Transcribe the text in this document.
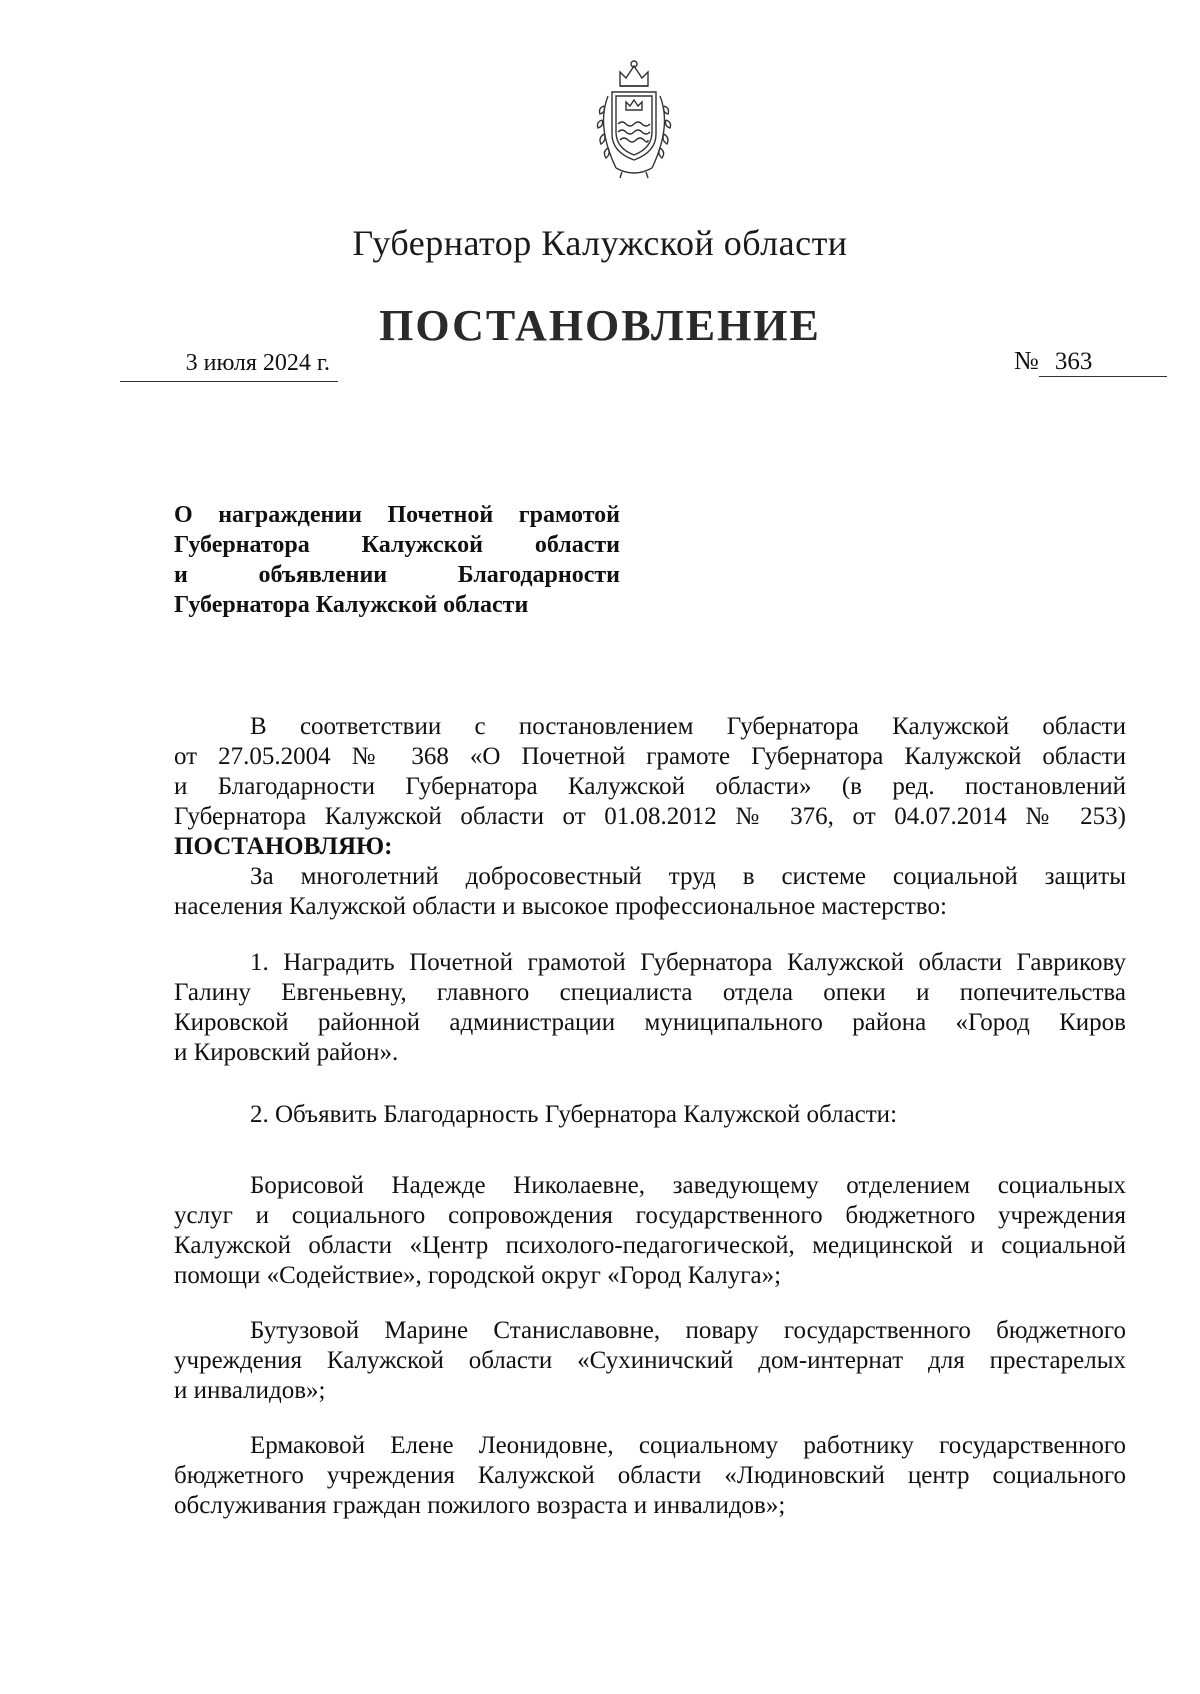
Губернатор Калужской области
ПОСТАНОВЛЕНИЕ
3 июля 2024 г.	№ 363
О награждении Почетной грамотой
Губернатора Калужской области
и объявлении Благодарности
Губернатора Калужской области
В соответствии с постановлением Губернатора Калужской области
от 27.05.2004 № 368 «О Почетной грамоте Губернатора Калужской области
и Благодарности Губернатора Калужской области» (в ред. постановлений
Губернатора Калужской области от 01.08.2012 № 376, от 04.07.2014 № 253)
ПОСТАНОВЛЯЮ:
За многолетний добросовестный труд в системе социальной защиты
населения Калужской области и высокое профессиональное мастерство:
1. Наградить Почетной грамотой Губернатора Калужской области Гаврикову
Галину Евгеньевну, главного специалиста отдела опеки и попечительства
Кировской районной администрации муниципального района «Город Киров
и Кировский район».
2. Объявить Благодарность Губернатора Калужской области:
Борисовой Надежде Николаевне, заведующему отделением социальных
услуг и социального сопровождения государственного бюджетного учреждения
Калужской области «Центр психолого-педагогической, медицинской и социальной
помощи «Содействие», городской округ «Город Калуга»;
Бутузовой Марине Станиславовне, повару государственного бюджетного
учреждения Калужской области «Сухиничский дом-интернат для престарелых
и инвалидов»;
Ермаковой Елене Леонидовне, социальному работнику государственного
бюджетного учреждения Калужской области «Людиновский центр социального
обслуживания граждан пожилого возраста и инвалидов»;
